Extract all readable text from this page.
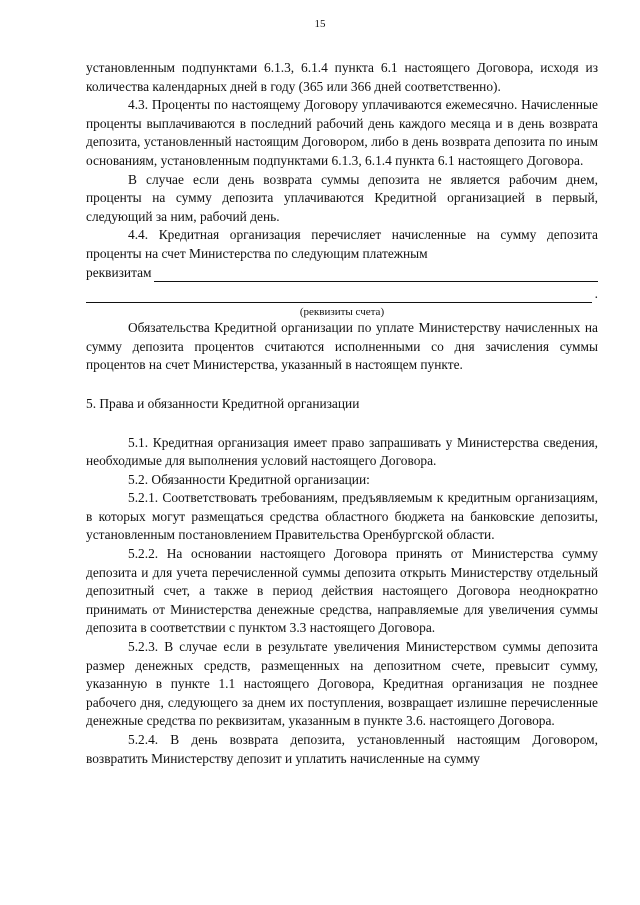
15

установленным подпунктами 6.1.3, 6.1.4 пункта 6.1 настоящего Договора, исходя из количества календарных дней в году (365 или 366 дней соответственно).

4.3. Проценты по настоящему Договору уплачиваются ежемесячно. Начисленные проценты выплачиваются в последний рабочий день каждого месяца и в день возврата депозита, установленный настоящим Договором, либо в день возврата депозита по иным основаниям, установленным подпунктами 6.1.3, 6.1.4 пункта 6.1 настоящего Договора.

В случае если день возврата суммы депозита не является рабочим днем, проценты на сумму депозита уплачиваются Кредитной организацией в первый, следующий за ним, рабочий день.

4.4. Кредитная организация перечисляет начисленные на сумму депозита проценты на счет Министерства по следующим платежным

реквизитам
.
(реквизиты счета)

Обязательства Кредитной организации по уплате Министерству начисленных на сумму депозита процентов считаются исполненными со дня зачисления суммы процентов на счет Министерства, указанный в настоящем пункте.

5. Права и обязанности Кредитной организации

5.1. Кредитная организация имеет право запрашивать у Министерства сведения, необходимые для выполнения условий настоящего Договора.

5.2. Обязанности Кредитной организации:

5.2.1. Соответствовать требованиям, предъявляемым к кредитным организациям, в которых могут размещаться средства областного бюджета на банковские депозиты, установленным постановлением Правительства Оренбургской области.

5.2.2. На основании настоящего Договора принять от Министерства сумму депозита и для учета перечисленной суммы депозита открыть Министерству отдельный депозитный счет, а также в период действия настоящего Договора неоднократно принимать от Министерства денежные средства, направляемые для увеличения суммы депозита в соответствии с пунктом 3.3 настоящего Договора.

5.2.3. В случае если в результате увеличения Министерством суммы депозита размер денежных средств, размещенных на депозитном счете, превысит сумму, указанную в пункте 1.1 настоящего Договора, Кредитная организация не позднее рабочего дня, следующего за днем их поступления, возвращает излишне перечисленные денежные средства по реквизитам, указанным в пункте 3.6. настоящего Договора.

5.2.4. В день возврата депозита, установленный настоящим Договором, возвратить Министерству депозит и уплатить начисленные на сумму
